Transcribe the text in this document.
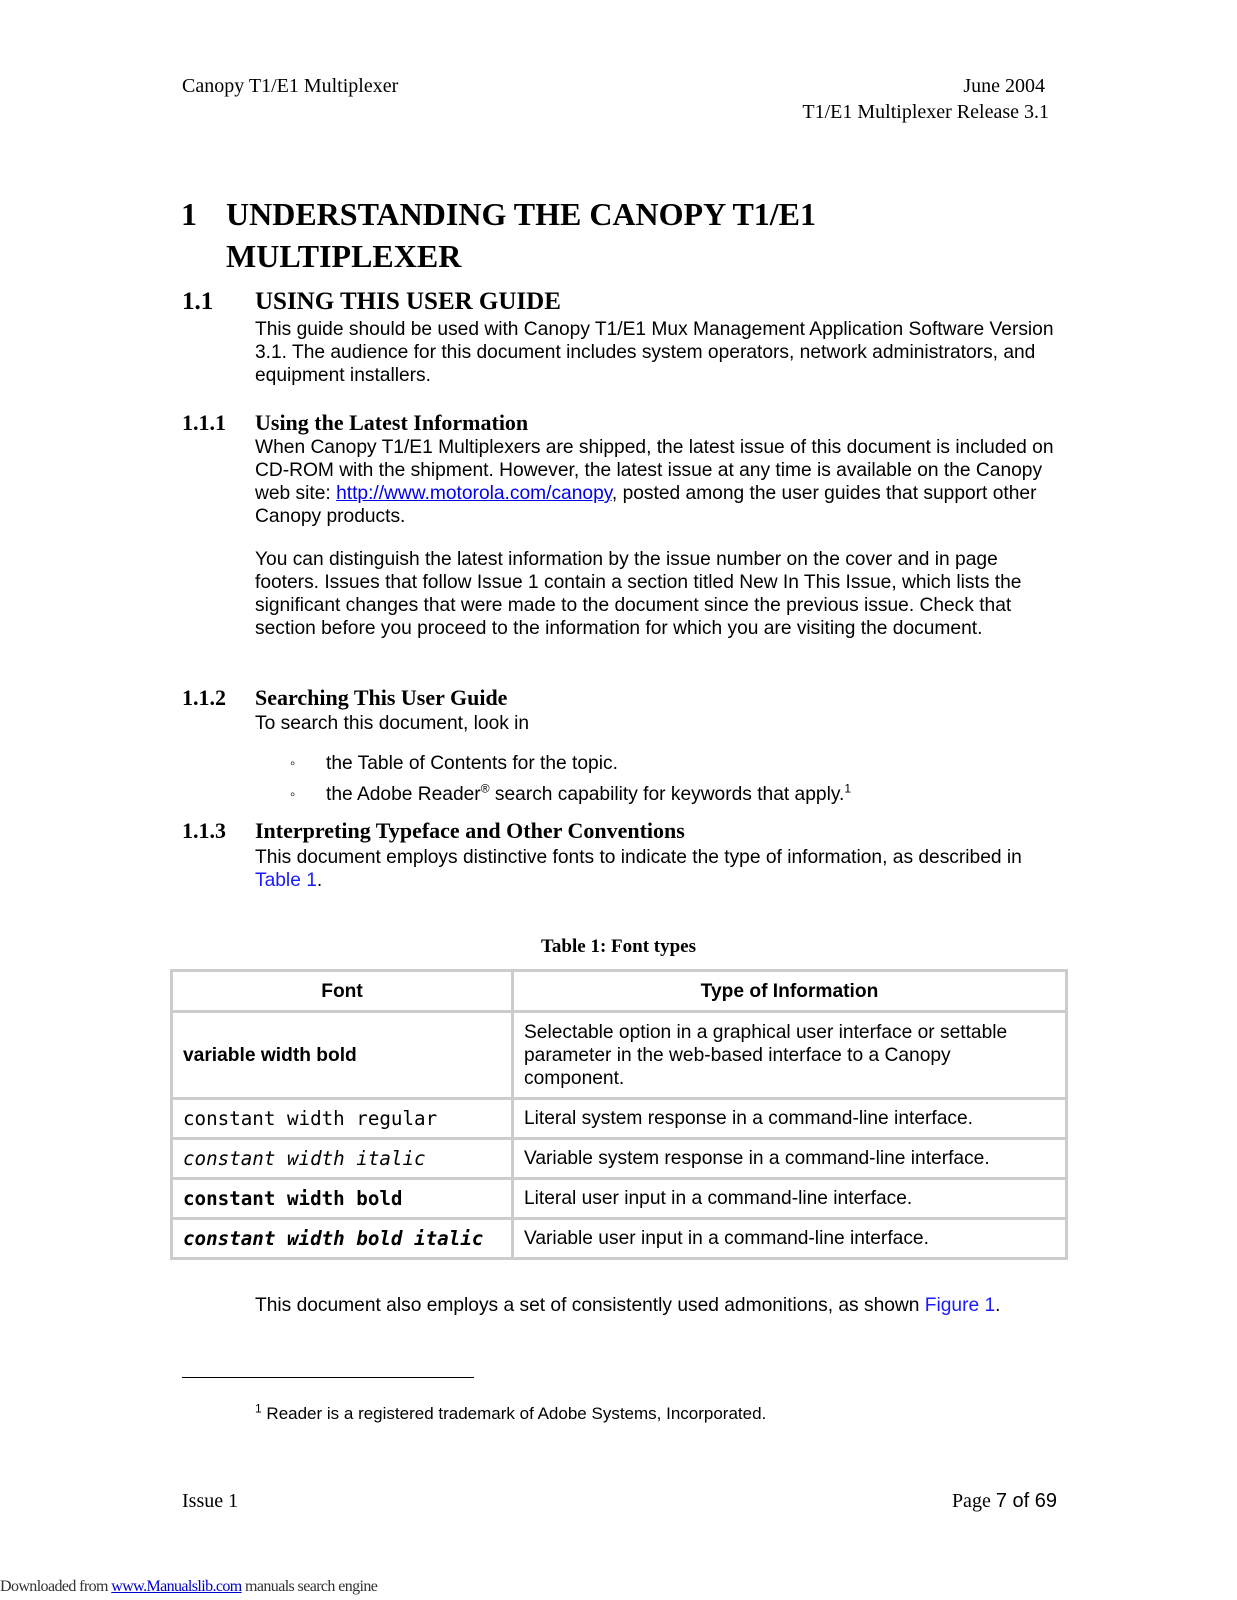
Canopy T1/E1 Multiplexer	June 2004
T1/E1 Multiplexer Release 3.1
1 UNDERSTANDING THE CANOPY T1/E1
MULTIPLEXER
1.1 USING THIS USER GUIDE
This guide should be used with Canopy T1/E1 Mux Management Application Software Version 3.1. The audience for this document includes system operators, network administrators, and equipment installers.
1.1.1 Using the Latest Information
When Canopy T1/E1 Multiplexers are shipped, the latest issue of this document is included on CD-ROM with the shipment. However, the latest issue at any time is available on the Canopy web site: http://www.motorola.com/canopy, posted among the user guides that support other Canopy products.
You can distinguish the latest information by the issue number on the cover and in page footers. Issues that follow Issue 1 contain a section titled New In This Issue, which lists the significant changes that were made to the document since the previous issue. Check that section before you proceed to the information for which you are visiting the document.
1.1.2 Searching This User Guide
To search this document, look in
◦ the Table of Contents for the topic.
◦ the Adobe Reader® search capability for keywords that apply.$^1$
1.1.3 Interpreting Typeface and Other Conventions
This document employs distinctive fonts to indicate the type of information, as described in Table 1.
Table 1: Font types
Font	Type of Information
variable width bold	Selectable option in a graphical user interface or settable parameter in the web-based interface to a Canopy component.
constant width regular	Literal system response in a command-line interface.
constant width italic	Variable system response in a command-line interface.
constant width bold	Literal user input in a command-line interface.
constant width bold italic	Variable user input in a command-line interface.
This document also employs a set of consistently used admonitions, as shown Figure 1.
$^1$ Reader is a registered trademark of Adobe Systems, Incorporated.
Issue 1	Page 7 of 69
Downloaded from www.Manualslib.com manuals search engine
